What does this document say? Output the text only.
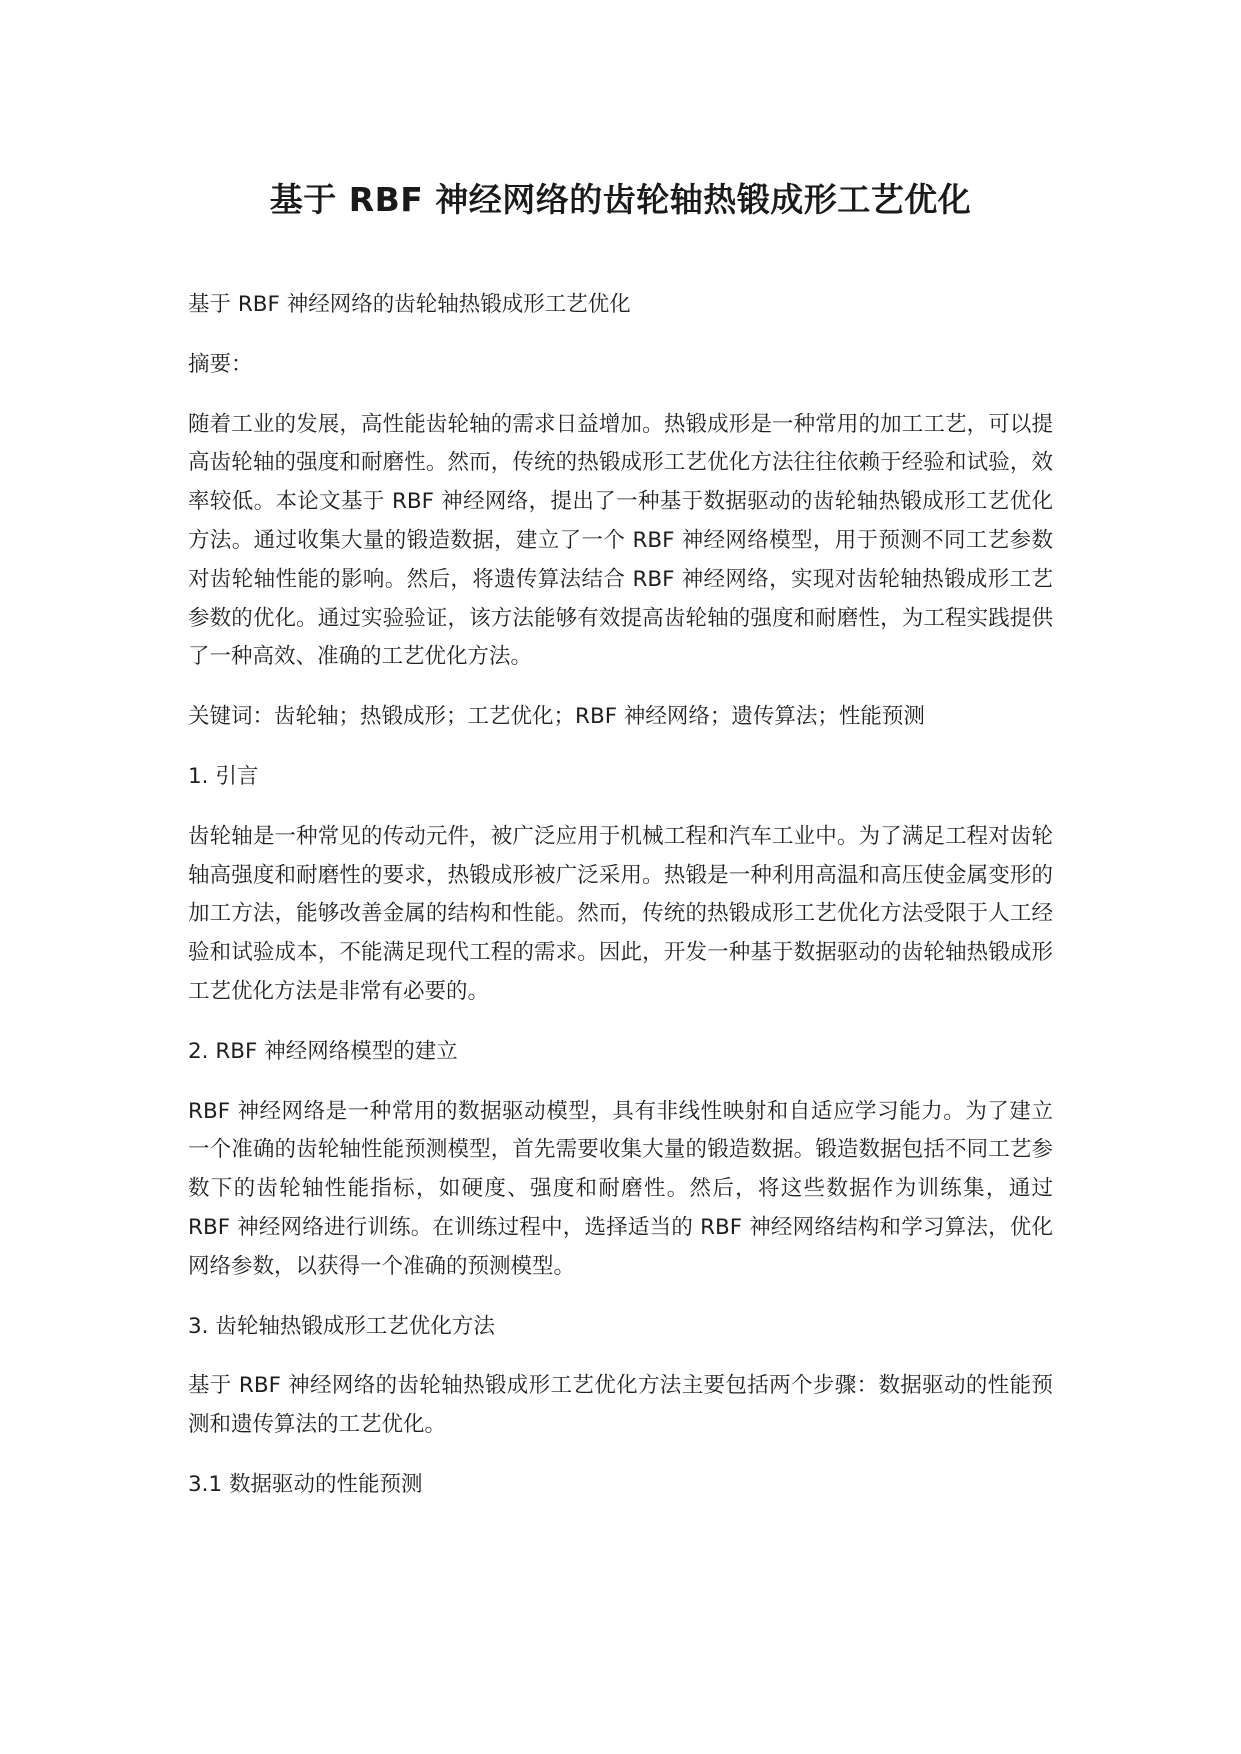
基于 RBF 神经网络的齿轮轴热锻成形工艺优化

基于 RBF 神经网络的齿轮轴热锻成形工艺优化

摘要：

随着工业的发展，高性能齿轮轴的需求日益增加。热锻成形是一种常用的加工工艺，可以提高齿轮轴的强度和耐磨性。然而，传统的热锻成形工艺优化方法往往依赖于经验和试验，效率较低。本论文基于 RBF 神经网络，提出了一种基于数据驱动的齿轮轴热锻成形工艺优化方法。通过收集大量的锻造数据，建立了一个 RBF 神经网络模型，用于预测不同工艺参数对齿轮轴性能的影响。然后，将遗传算法结合 RBF 神经网络，实现对齿轮轴热锻成形工艺参数的优化。通过实验验证，该方法能够有效提高齿轮轴的强度和耐磨性，为工程实践提供了一种高效、准确的工艺优化方法。

关键词：齿轮轴；热锻成形；工艺优化；RBF 神经网络；遗传算法；性能预测

1. 引言

齿轮轴是一种常见的传动元件，被广泛应用于机械工程和汽车工业中。为了满足工程对齿轮轴高强度和耐磨性的要求，热锻成形被广泛采用。热锻是一种利用高温和高压使金属变形的加工方法，能够改善金属的结构和性能。然而，传统的热锻成形工艺优化方法受限于人工经验和试验成本，不能满足现代工程的需求。因此，开发一种基于数据驱动的齿轮轴热锻成形工艺优化方法是非常有必要的。

2. RBF 神经网络模型的建立

RBF 神经网络是一种常用的数据驱动模型，具有非线性映射和自适应学习能力。为了建立一个准确的齿轮轴性能预测模型，首先需要收集大量的锻造数据。锻造数据包括不同工艺参数下的齿轮轴性能指标，如硬度、强度和耐磨性。然后，将这些数据作为训练集，通过 RBF 神经网络进行训练。在训练过程中，选择适当的 RBF 神经网络结构和学习算法，优化网络参数，以获得一个准确的预测模型。

3. 齿轮轴热锻成形工艺优化方法

基于 RBF 神经网络的齿轮轴热锻成形工艺优化方法主要包括两个步骤：数据驱动的性能预测和遗传算法的工艺优化。

3.1 数据驱动的性能预测
